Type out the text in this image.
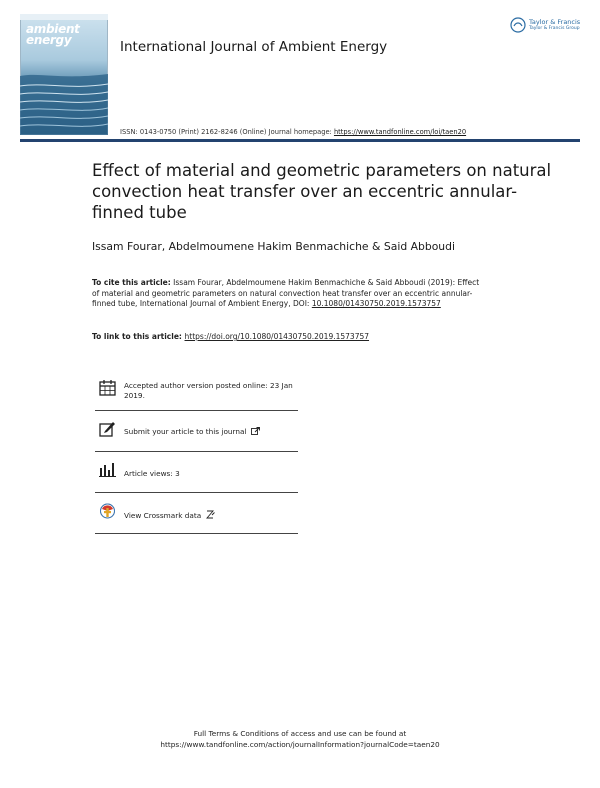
ambient
energy	International Journal of Ambient Energy
Taylor & Francis
Taylor & Francis Group
ISSN: 0143-0750 (Print) 2162-8246 (Online) Journal homepage: https://www.tandfonline.com/loi/taen20
Effect of material and geometric parameters on natural convection heat transfer over an eccentric annular-finned tube
Issam Fourar, Abdelmoumene Hakim Benmachiche & Said Abboudi
To cite this article: Issam Fourar, Abdelmoumene Hakim Benmachiche & Said Abboudi (2019): Effect of material and geometric parameters on natural convection heat transfer over an eccentric annular-finned tube, International Journal of Ambient Energy, DOI: 10.1080/01430750.2019.1573757
To link to this article: https://doi.org/10.1080/01430750.2019.1573757
Accepted author version posted online: 23 Jan 2019.
Submit your article to this journal
Article views: 3
View Crossmark data
Full Terms & Conditions of access and use can be found at
https://www.tandfonline.com/action/journalInformation?journalCode=taen20
